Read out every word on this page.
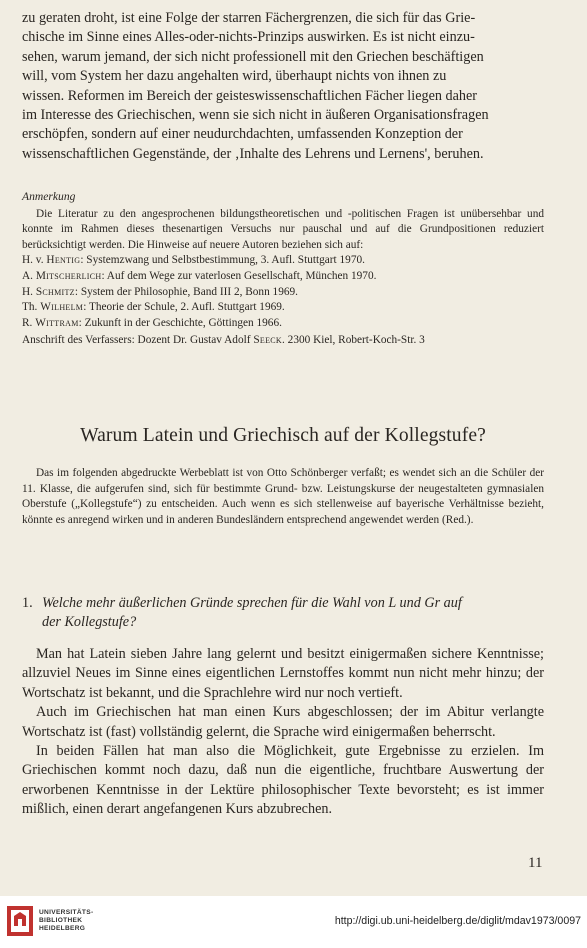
zu geraten droht, ist eine Folge der starren Fächergrenzen, die sich für das Grie-

chische im Sinne eines Alles-oder-nichts-Prinzips auswirken. Es ist nicht einzu-

sehen, warum jemand, der sich nicht professionell mit den Griechen beschäftigen

will, vom System her dazu angehalten wird, überhaupt nichts von ihnen zu

wissen. Reformen im Bereich der geisteswissenschaftlichen Fächer liegen daher

im Interesse des Griechischen, wenn sie sich nicht in äußeren Organisationsfragen

erschöpfen, sondern auf einer neudurchdachten, umfassenden Konzeption der

wissenschaftlichen Gegenstände, der ‚Inhalte des Lehrens und Lernens', beruhen.

Anmerkung

Die Literatur zu den angesprochenen bildungstheoretischen und -politischen Fragen ist unübersehbar und konnte im Rahmen dieses thesenartigen Versuchs nur pauschal und auf die Grundpositionen reduziert berücksichtigt werden. Die Hinweise auf neuere Autoren beziehen sich auf:

H. v. Hentig: Systemzwang und Selbstbestimmung, 3. Aufl. Stuttgart 1970.

A. Mitscherlich: Auf dem Wege zur vaterlosen Gesellschaft, München 1970.

H. Schmitz: System der Philosophie, Band III 2, Bonn 1969.

Th. Wilhelm: Theorie der Schule, 2. Aufl. Stuttgart 1969.

R. Wittram: Zukunft in der Geschichte, Göttingen 1966.

Anschrift des Verfassers: Dozent Dr. Gustav Adolf Seeck. 2300 Kiel, Robert-Koch-Str. 3

Warum Latein und Griechisch auf der Kollegstufe?

Das im folgenden abgedruckte Werbeblatt ist von Otto Schönberger verfaßt; es wendet sich an die Schüler der 11. Klasse, die aufgerufen sind, sich für bestimmte Grund- bzw. Leistungskurse der neugestalteten gymnasialen Oberstufe („Kollegstufe“) zu entscheiden. Auch wenn es sich stellenweise auf bayerische Verhältnisse bezieht, könnte es anregend wirken und in anderen Bundesländern entsprechend angewendet werden (Red.).

1. Welche mehr äußerlichen Gründe sprechen für die Wahl von L und Gr auf
der Kollegstufe?

Man hat Latein sieben Jahre lang gelernt und besitzt einigermaßen sichere Kenntnisse; allzuviel Neues im Sinne eines eigentlichen Lernstoffes kommt nun nicht mehr hinzu; der Wortschatz ist bekannt, und die Sprachlehre wird nur noch vertieft.

Auch im Griechischen hat man einen Kurs abgeschlossen; der im Abitur verlangte Wortschatz ist (fast) vollständig gelernt, die Sprache wird einigermaßen beherrscht.

In beiden Fällen hat man also die Möglichkeit, gute Ergebnisse zu erzielen. Im Griechischen kommt noch dazu, daß nun die eigentliche, fruchtbare Auswertung der erworbenen Kenntnisse in der Lektüre philosophischer Texte bevorsteht; es ist immer mißlich, einen derart angefangenen Kurs abzubrechen.

11
UNIVERSITÄTS-
BIBLIOTHEK
HEIDELBERG
http://digi.ub.uni-heidelberg.de/diglit/mdav1973/0097
